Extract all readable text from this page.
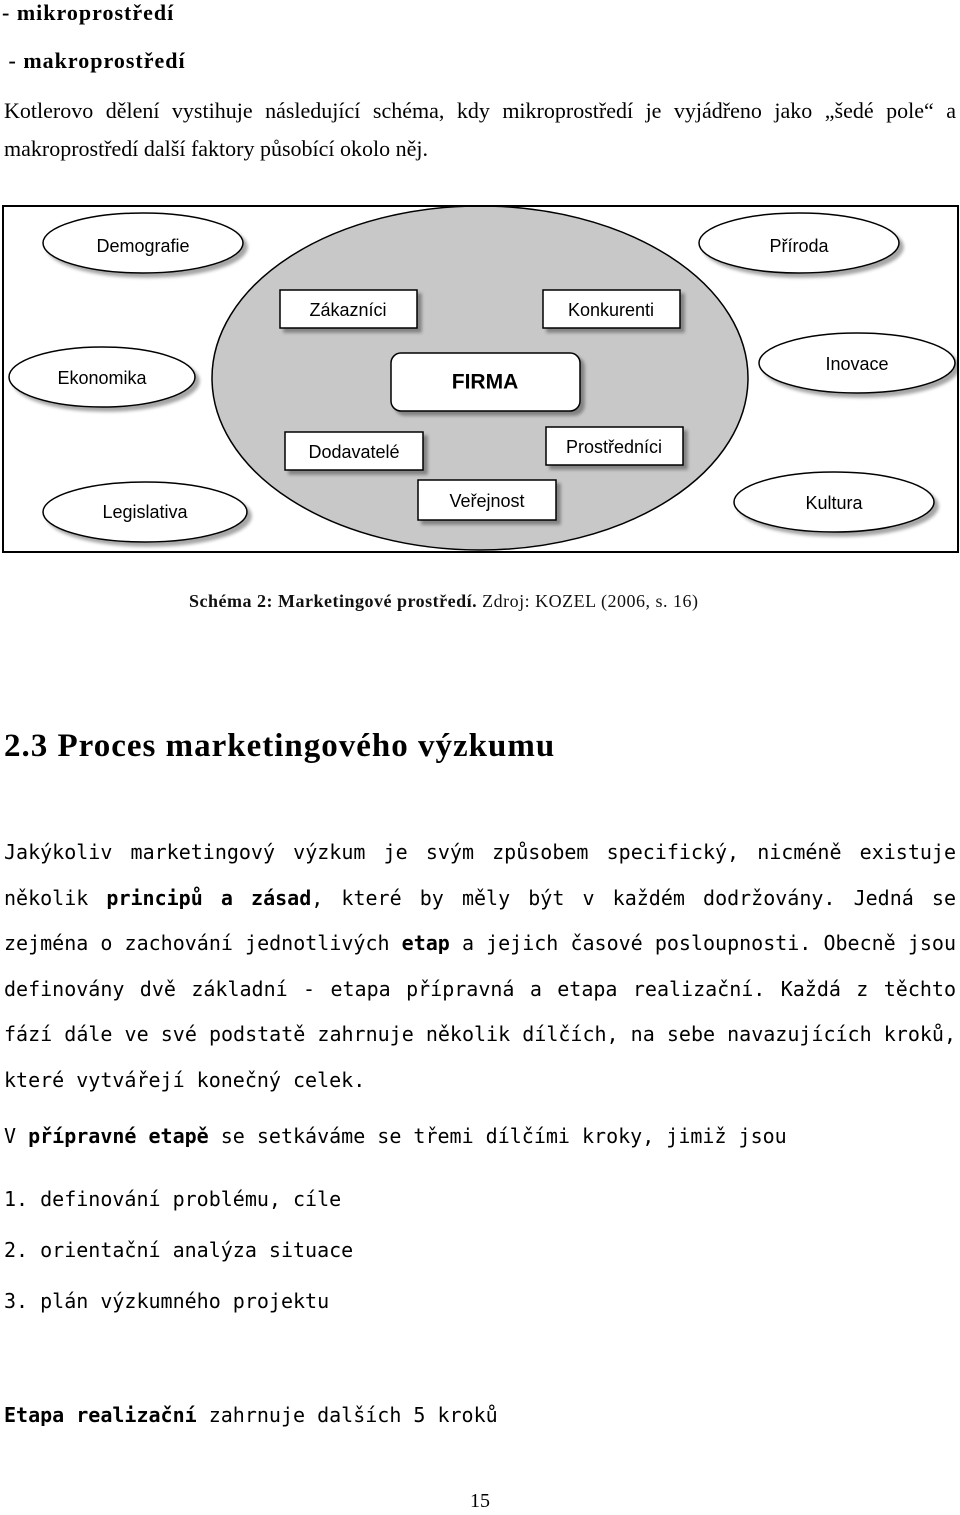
- mikroprostředí
- makroprostředí
Kotlerovo dělení vystihuje následující schéma, kdy mikroprostředí je vyjádřeno jako „šedé pole“ a makroprostředí další faktory působící okolo něj.
Demografie	Příroda
Ekonomika
Inovace
Legislativa	Kultura
Zákazníci	Konkurenti
Dodavatelé	Prostředníci
Veřejnost
FIRMA
Schéma 2: Marketingové prostředí. Zdroj: KOZEL (2006, s. 16)
2.3 Proces marketingového výzkumu

Jakýkoliv marketingový výzkum je svým způsobem specifický, nicméně existuje několik principů a zásad, které by měly být v každém dodržovány. Jedná se zejména o zachování jednotlivých etap a jejich časové posloupnosti. Obecně jsou definovány dvě základní - etapa přípravná a etapa realizační. Každá z těchto fází dále ve své podstatě zahrnuje několik dílčích, na sebe navazujících kroků, které vytvářejí konečný celek.

V přípravné etapě se setkáváme se třemi dílčími kroky, jimiž jsou

1. definování problému, cíle
2. orientační analýza situace
3. plán výzkumného projektu
Etapa realizační zahrnuje dalších 5 kroků
15
